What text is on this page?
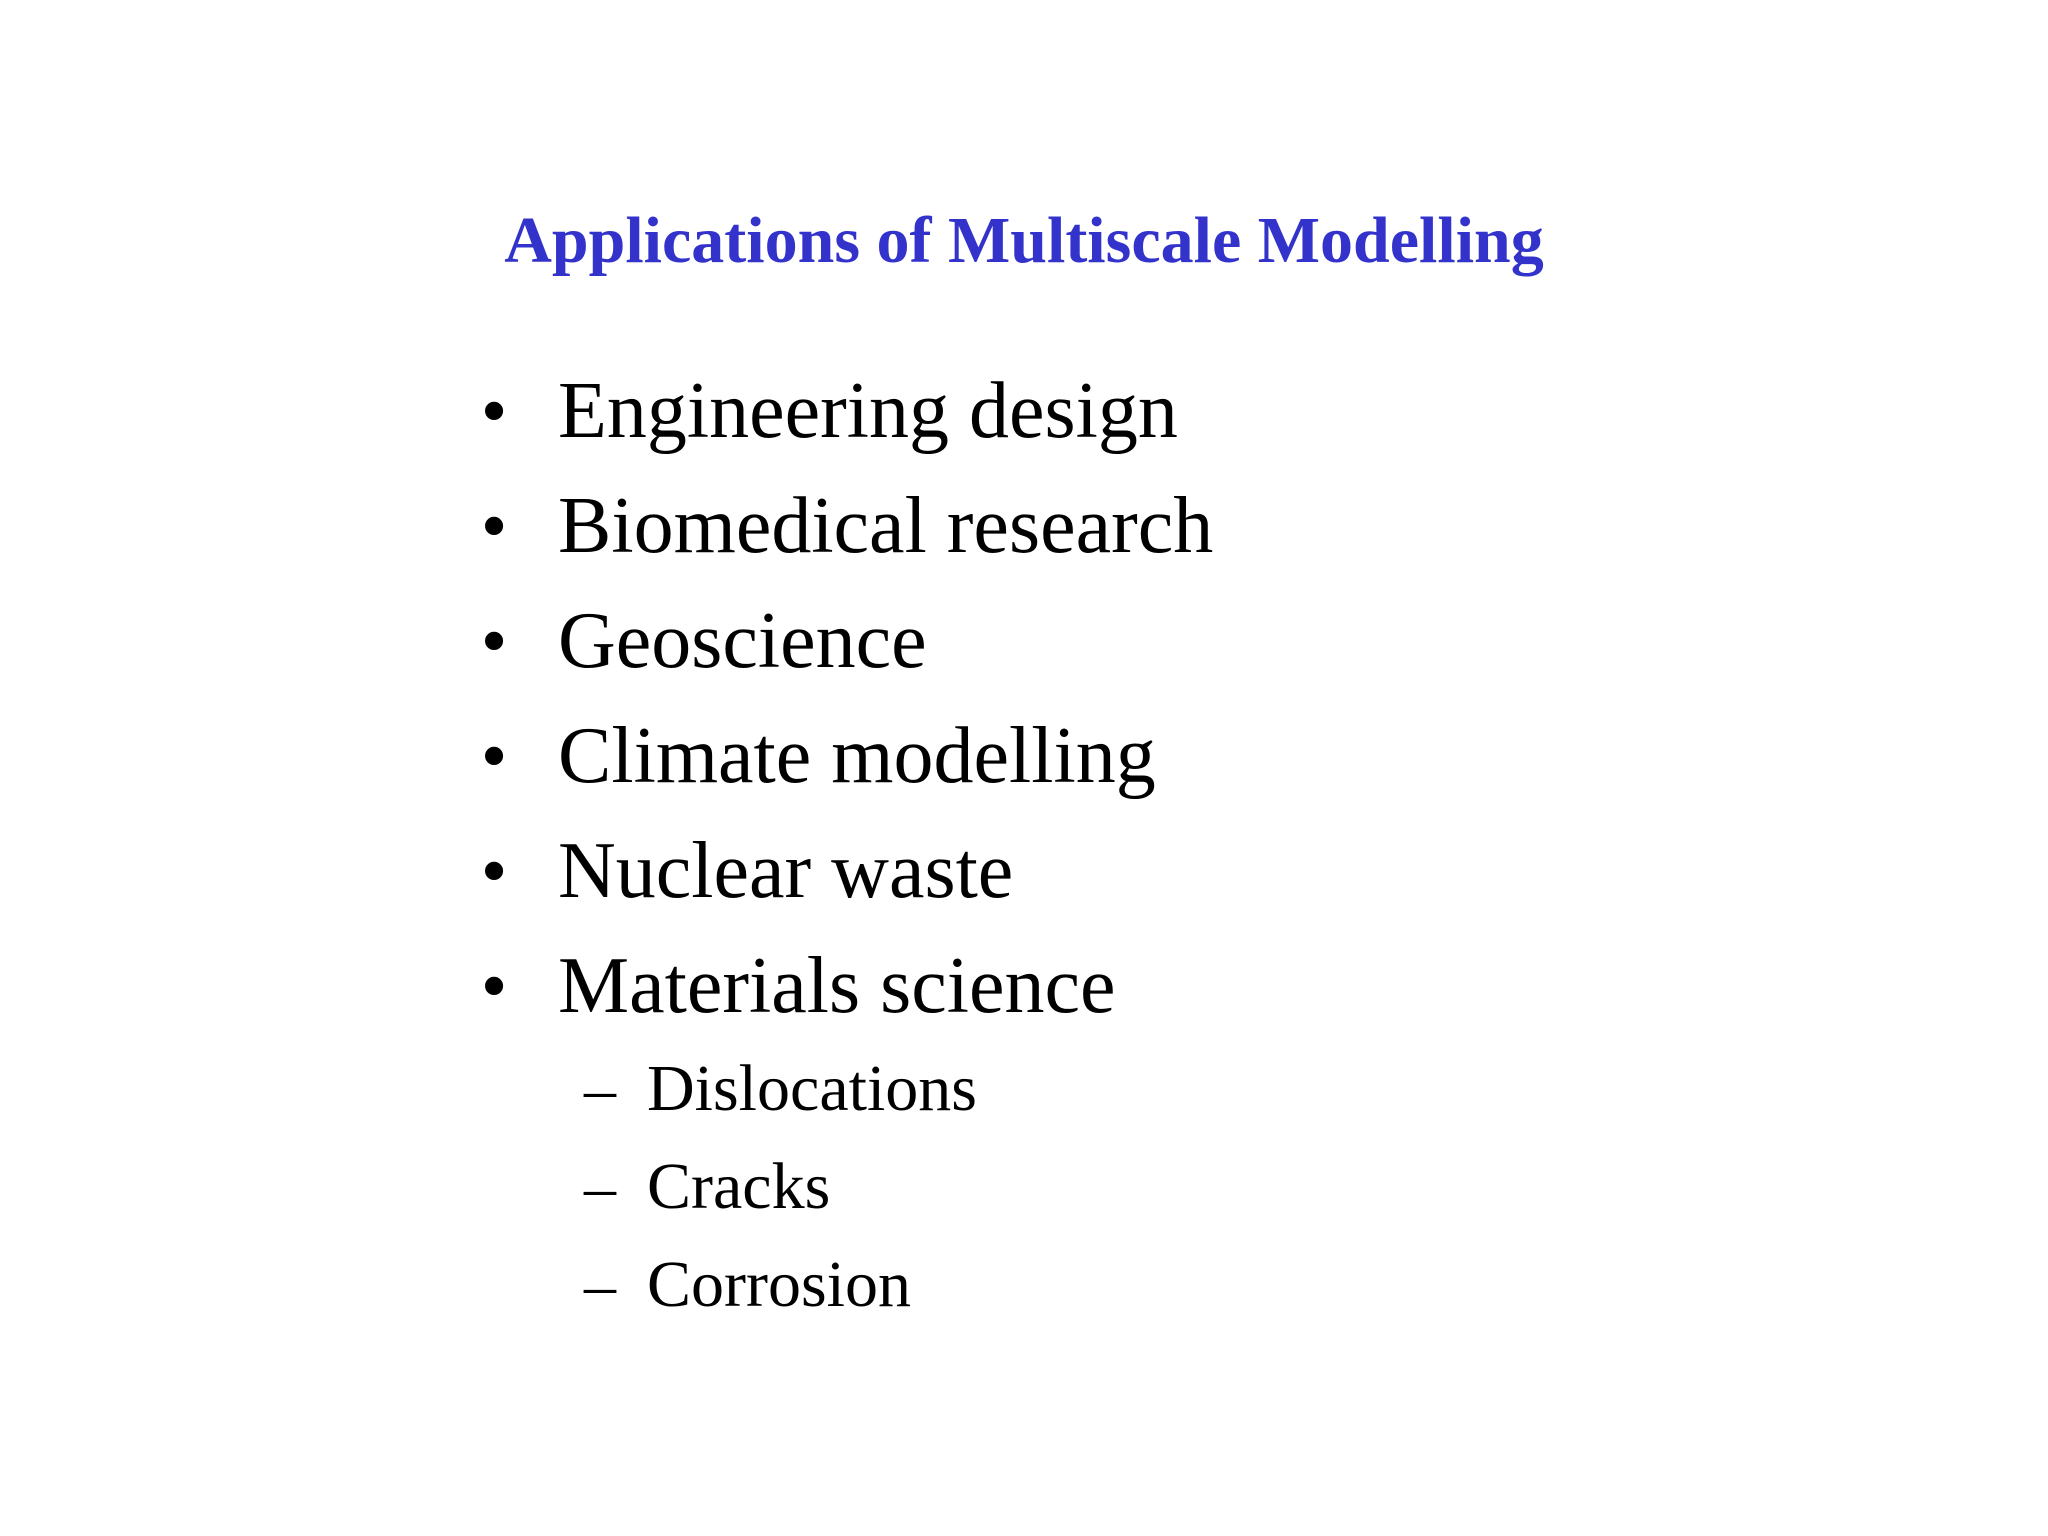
Applications of Multiscale Modelling
• Engineering design
• Biomedical research
• Geoscience
• Climate modelling
• Nuclear waste
• Materials science
– Dislocations
– Cracks
– Corrosion
